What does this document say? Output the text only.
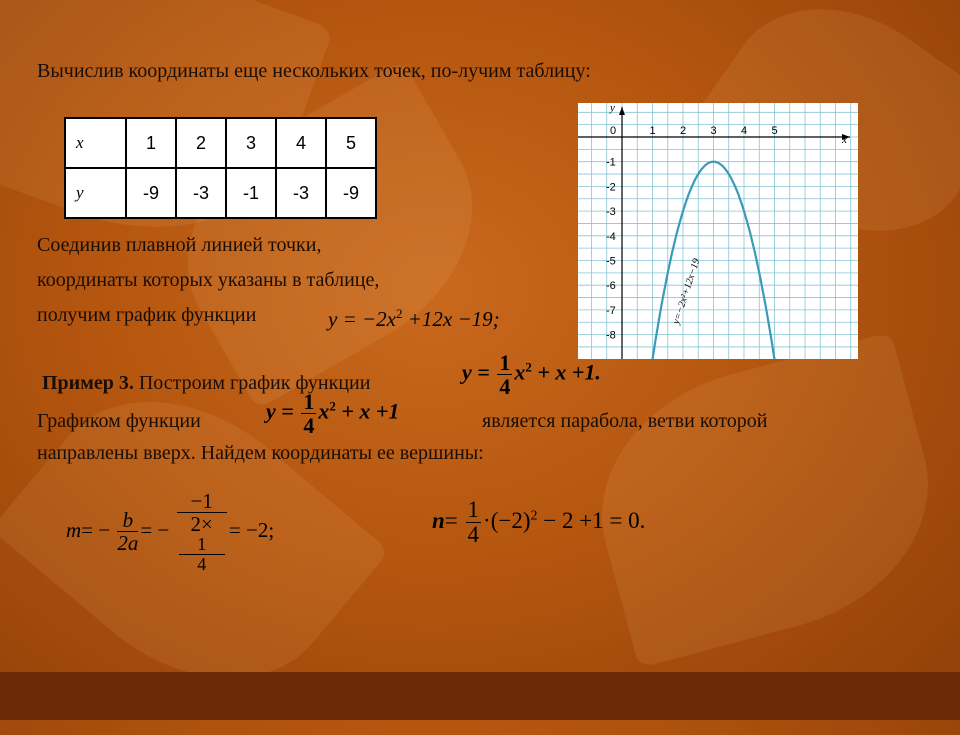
Вычислив координаты еще нескольких точек, по-лучим таблицу:
x	1	2	3	4	5
y	-9	-3	-1	-3	-9
Соединив плавной линией точки,
координаты которых указаны в таблице,
получим график функции	$y = -2x^2 +12x -19$;
x
y
0	1 2 3 4 5
-1
-2
-3
-4
-5
-6
-7
-8
y=−2x²+12x−19
Пример 3. Построим график функции	$y = \frac{1}{4} x^2 + x +1$.
Графиком функции	$y = \frac{1}{4} x^2 + x +1$	является парабола, ветви которой
направлены вверх. Найдем координаты ее вершины:
$m= - \frac{b}{2a}$ = − −1
2×
1
4 = −2;	$n= \frac{1}{4} \cdot(-2)^2 - 2 +1 = 0$.
